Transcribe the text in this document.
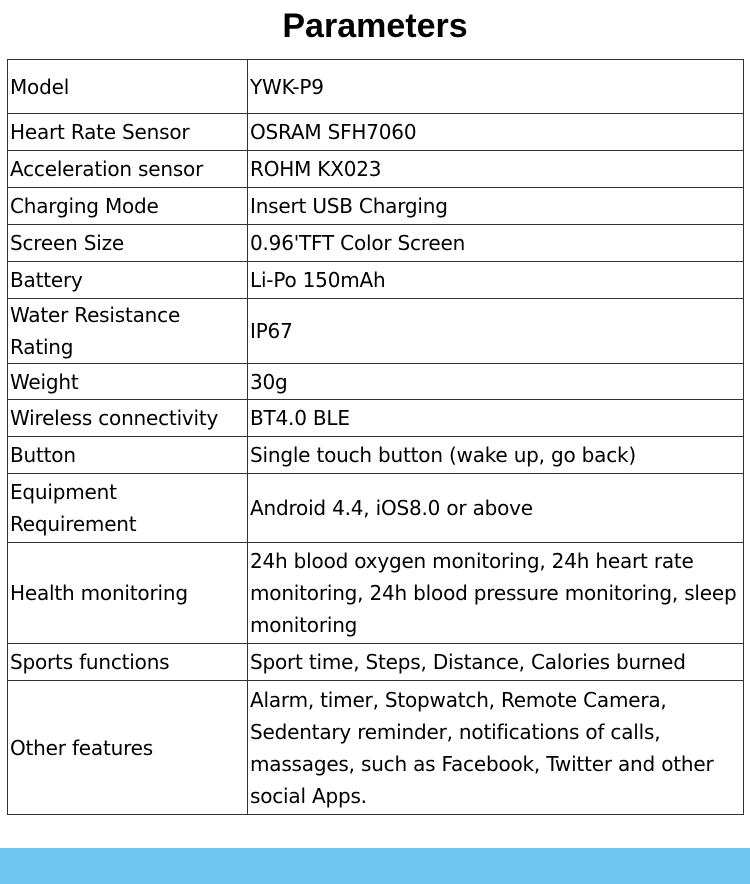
Parameters
Model	YWK-P9
Heart Rate Sensor	OSRAM SFH7060
Acceleration sensor	ROHM KX023
Charging Mode	Insert USB Charging
Screen Size	0.96'TFT Color Screen
Battery	Li-Po 150mAh
Water Resistance Rating	IP67
Weight	30g
Wireless connectivity	BT4.0 BLE
Button	Single touch button (wake up, go back)
Equipment Requirement	Android 4.4, iOS8.0 or above
Health monitoring	24h blood oxygen monitoring, 24h heart rate monitoring, 24h blood pressure monitoring, sleep monitoring
Sports functions	Sport time, Steps, Distance, Calories burned
Other features	Alarm, timer, Stopwatch, Remote Camera, Sedentary reminder, notifications of calls, massages, such as Facebook, Twitter and other social Apps.
